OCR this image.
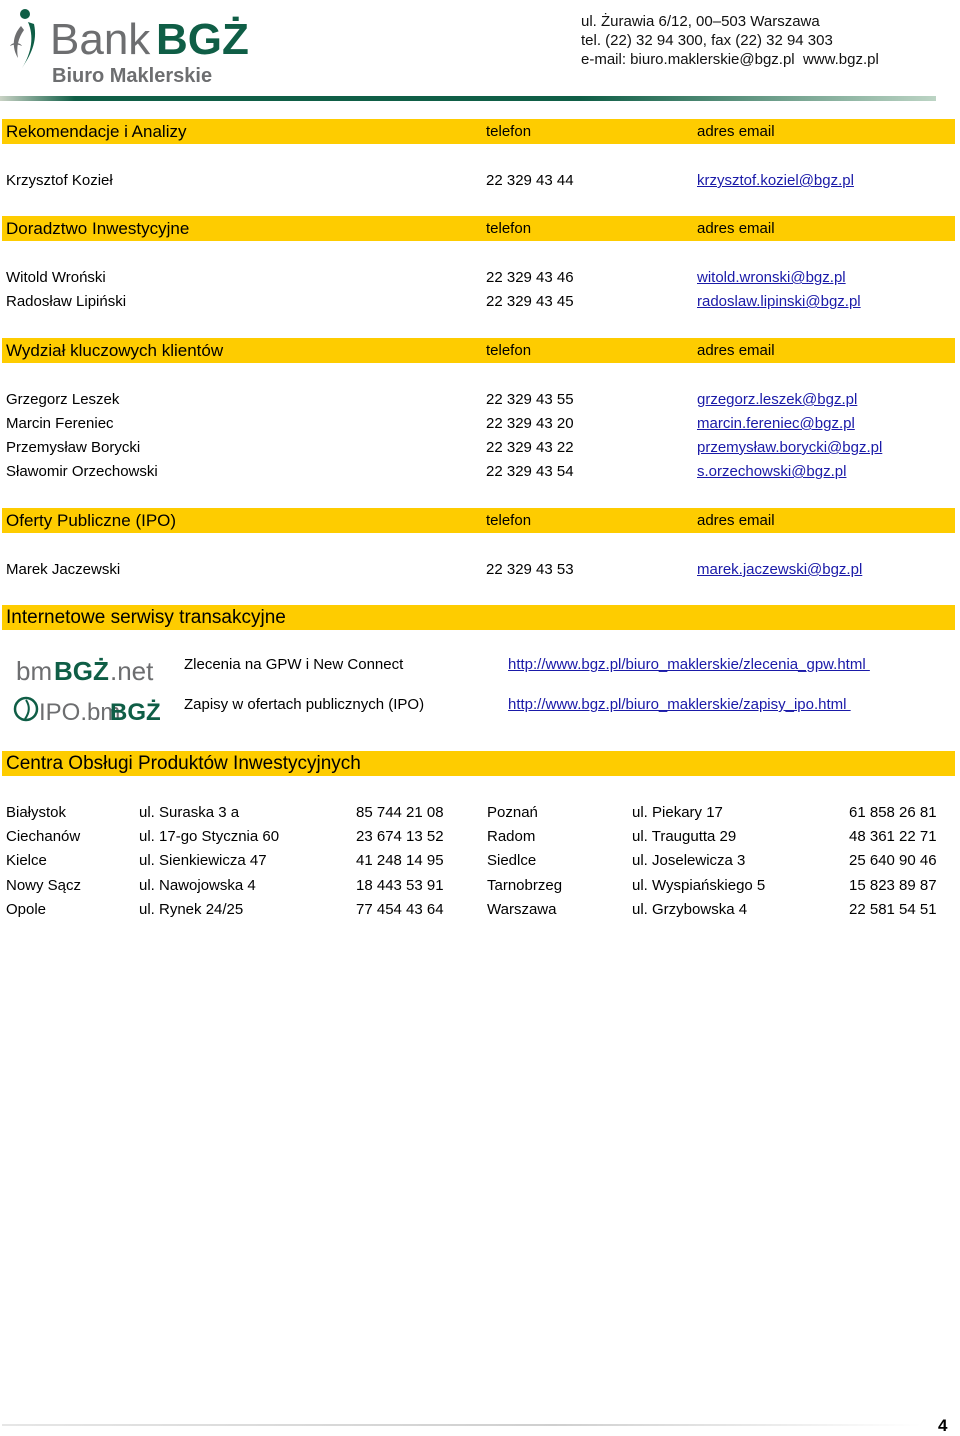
Bank BGŻ
Biuro Maklerskie
ul. Żurawia 6/12, 00–503 Warszawa
tel. (22) 32 94 300, fax (22) 32 94 303
e-mail: biuro.maklerskie@bgz.pl  www.bgz.pl
Rekomendacje i Analizy	telefon	adres email
Krzysztof Kozieł	22 329 43 44	krzysztof.koziel@bgz.pl
Doradztwo Inwestycyjne	telefon	adres email
Witold Wroński	22 329 43 46	witold.wronski@bgz.pl
Radosław Lipiński	22 329 43 45	radoslaw.lipinski@bgz.pl
Wydział kluczowych klientów	telefon	adres email
Grzegorz Leszek	22 329 43 55	grzegorz.leszek@bgz.pl
Marcin Fereniec	22 329 43 20	marcin.fereniec@bgz.pl
Przemysław Borycki	22 329 43 22	przemysław.borycki@bgz.pl
Sławomir Orzechowski	22 329 43 54	s.orzechowski@bgz.pl
Oferty Publiczne (IPO)	telefon	adres email
Marek Jaczewski	22 329 43 53	marek.jaczewski@bgz.pl
Internetowe serwisy transakcyjne
bm BGŻ .net Zlecenia na GPW i New Connect	http://www.bgz.pl/biuro_maklerskie/zlecenia_gpw.html
IPO.bm
BGŻ Zapisy w ofertach publicznych (IPO)	http://www.bgz.pl/biuro_maklerskie/zapisy_ipo.html
Centra Obsługi Produktów Inwestycyjnych
Białystok	ul. Suraska 3 a	85 744 21 08	Poznań	ul. Piekary 17	61 858 26 81
Ciechanów	ul. 17-go Stycznia 60	23 674 13 52	Radom	ul. Traugutta 29	48 361 22 71
Kielce	ul. Sienkiewicza 47	41 248 14 95	Siedlce	ul. Joselewicza 3	25 640 90 46
Nowy Sącz	ul. Nawojowska 4	18 443 53 91	Tarnobrzeg	ul. Wyspiańskiego 5	15 823 89 87
Opole	ul. Rynek 24/25	77 454 43 64	Warszawa	ul. Grzybowska 4	22 581 54 51
4
